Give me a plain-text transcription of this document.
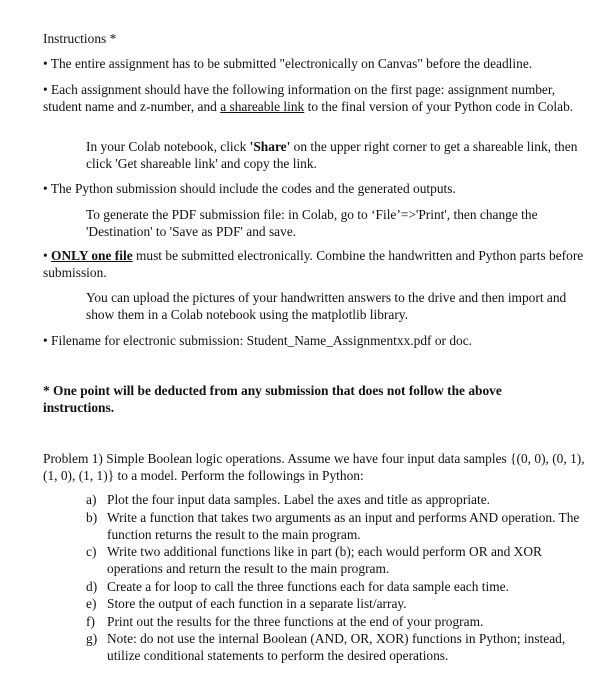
Instructions *

• The entire assignment has to be submitted "electronically on Canvas" before the deadline.

• Each assignment should have the following information on the first page: assignment number, student name and z-number, and a shareable link to the final version of your Python code in Colab.

In your Colab notebook, click 'Share' on the upper right corner to get a shareable link, then click 'Get shareable link' and copy the link.

• The Python submission should include the codes and the generated outputs.

To generate the PDF submission file: in Colab, go to ‘File’=>'Print', then change the 'Destination' to 'Save as PDF' and save.

• ONLY one file must be submitted electronically. Combine the handwritten and Python parts before submission.

You can upload the pictures of your handwritten answers to the drive and then import and show them in a Colab notebook using the matplotlib library.

• Filename for electronic submission: Student_Name_Assignmentxx.pdf or doc.

* One point will be deducted from any submission that does not follow the above instructions.

Problem 1) Simple Boolean logic operations. Assume we have four input data samples {(0, 0), (0, 1), (1, 0), (1, 1)} to a model. Perform the followings in Python:

a) Plot the four input data samples. Label the axes and title as appropriate.
b) Write a function that takes two arguments as an input and performs AND operation. The function returns the result to the main program.
c) Write two additional functions like in part (b); each would perform OR and XOR operations and return the result to the main program.
d) Create a for loop to call the three functions each for data sample each time.
e) Store the output of each function in a separate list/array.
f) Print out the results for the three functions at the end of your program.
g) Note: do not use the internal Boolean (AND, OR, XOR) functions in Python; instead, utilize conditional statements to perform the desired operations.
